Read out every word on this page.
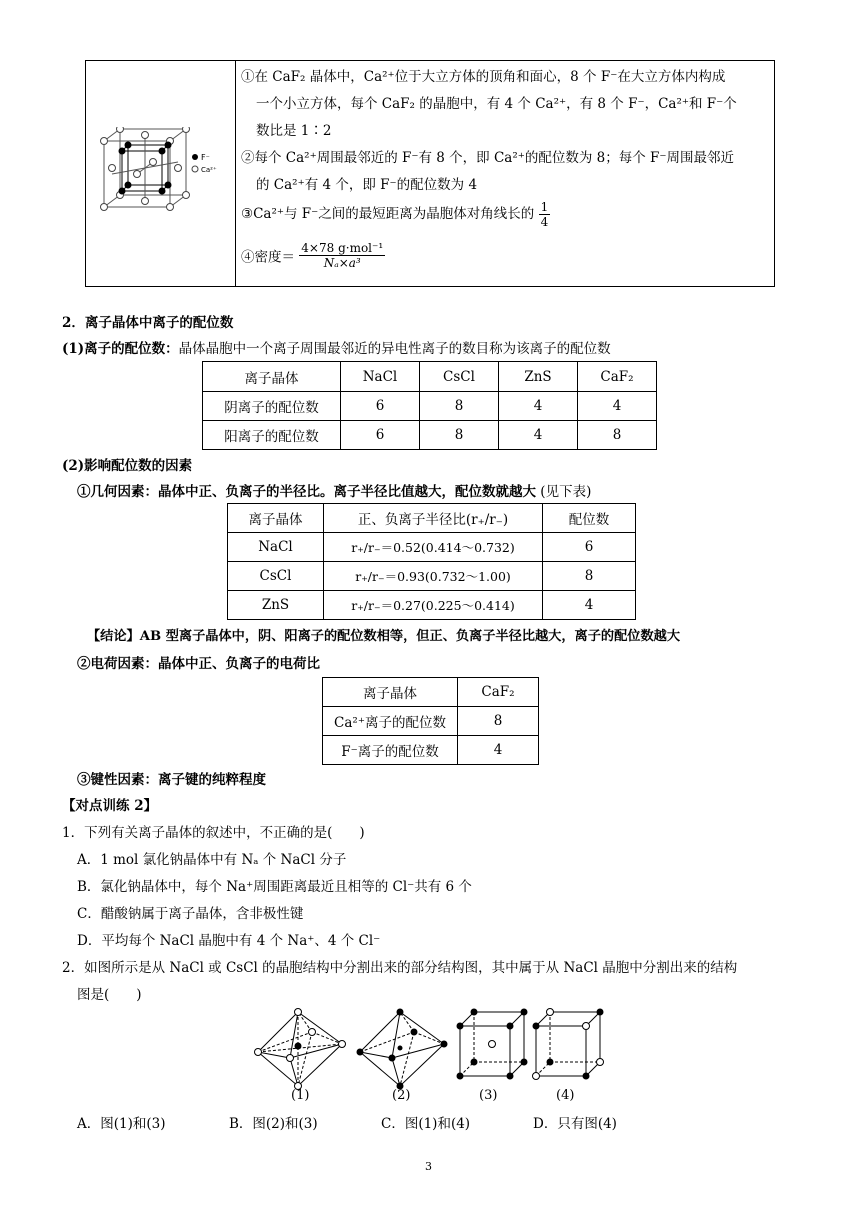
F⁻
Ca²⁺
①在 CaF₂ 晶体中，Ca²⁺位于大立方体的顶角和面心，8 个 F⁻在大立方体内构成
一个小立方体，每个 CaF₂ 的晶胞中，有 4 个 Ca²⁺，有 8 个 F⁻，Ca²⁺和 F⁻个
数比是 1∶2
②每个 Ca²⁺周围最邻近的 F⁻有 8 个，即 Ca²⁺的配位数为 8；每个 F⁻周围最邻近
的 Ca²⁺有 4 个，即 F⁻的配位数为 4
③Ca²⁺与 F⁻之间的最短距离为晶胞体对角线长的 $\frac{1}{4}$
④密度＝ $\frac{\text{4×78 g·mol⁻¹}}{\text{Nₐ×a³}}$
2．离子晶体中离子的配位数
(1)离子的配位数：晶体晶胞中一个离子周围最邻近的异电性离子的数目称为该离子的配位数
离子晶体	NaCl	CsCl	ZnS	CaF₂
阴离子的配位数	6	8	4	4
阳离子的配位数	6	8	4	8
(2)影响配位数的因素
①几何因素：晶体中正、负离子的半径比。离子半径比值越大，配位数就越大 (见下表)
离子晶体	正、负离子半径比(r₊/r₋)	配位数
NaCl	r₊/r₋＝0.52(0.414～0.732)	6
CsCl	r₊/r₋＝0.93(0.732～1.00)	8
ZnS	r₊/r₋＝0.27(0.225～0.414)	4
【结论】AB 型离子晶体中，阴、阳离子的配位数相等，但正、负离子半径比越大，离子的配位数越大
②电荷因素：晶体中正、负离子的电荷比
离子晶体	CaF₂
Ca²⁺离子的配位数	8
F⁻离子的配位数	4
③键性因素：离子键的纯粹程度
【对点训练 2】
1．下列有关离子晶体的叙述中，不正确的是(　　)
A．1 mol 氯化钠晶体中有 Nₐ 个 NaCl 分子
B．氯化钠晶体中，每个 Na⁺周围距离最近且相等的 Cl⁻共有 6 个
C．醋酸钠属于离子晶体，含非极性键
D．平均每个 NaCl 晶胞中有 4 个 Na⁺、4 个 Cl⁻
2．如图所示是从 NaCl 或 CsCl 的晶胞结构中分割出来的部分结构图，其中属于从 NaCl 晶胞中分割出来的结构
图是(　　)
(1)	(2)	(3)	(4)
A．图(1)和(3)	B．图(2)和(3)	C．图(1)和(4)	D．只有图(4)
3
